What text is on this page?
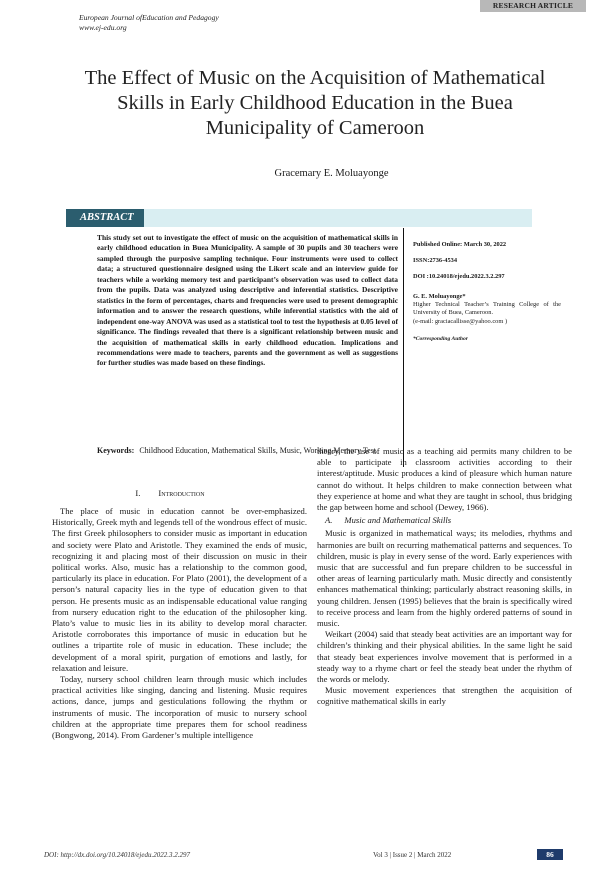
RESEARCH ARTICLE
European Journal ofEducation and Pedagogy
www.ej-edu.org
The Effect of Music on the Acquisition of Mathematical Skills in Early Childhood Education in the Buea Municipality of Cameroon
Gracemary E. Moluayonge
ABSTRACT
This study set out to investigate the effect of music on the acquisition of mathematical skills in early childhood education in Buea Municipality. A sample of 30 pupils and 30 teachers were sampled through the purposive sampling technique. Four instruments were used to collect data; a structured questionnaire designed using the Likert scale and an interview guide for teachers while a working memory test and participant’s observation was used to collect data from the pupils. Data was analyzed using descriptive and inferential statistics. Descriptive statistics in the form of percentages, charts and frequencies were used to present demographic information and to answer the research questions, while inferential statistics with the aid of independent one-way ANOVA was used as a statistical tool to test the hypothesis at 0.05 level of significance. The findings revealed that there is a significant relationship between music and the acquisition of mathematical skills in early childhood education. Implications and recommendations were made to teachers, parents and the government as well as suggestions for further studies was made based on these findings.

Published Online: March 30, 2022

ISSN:2736-4534

DOI :10.24018/ejedu.2022.3.2.297

G. E. Moluayonge*
Higher Technical Teacher’s Training College of the University of Buea, Cameroon.
(e-mail: graciacallisse@yahoo.com )
*Corresponding Author
Keywords: Childhood Education, Mathematical Skills, Music, Working Memory Test
I. Introduction

The place of music in education cannot be over-emphasized. Historically, Greek myth and legends tell of the wondrous effect of music. The first Greek philosophers to consider music as important in education and society were Plato and Aristotle. They examined the ends of music, recognizing it and placing most of their discussion on music in their political works. Also, music has a relationship to the common good, particularly its place in education. For Plato (2001), the development of a person’s natural capacity lies in the type of education given to that person. He presents music as an indispensable educational value ranging from nursery education right to the education of the philosopher king. Plato’s value to music lies in its ability to develop moral character. Aristotle corroborates this importance of music in education but he outlines a tripartite role of music in education. These include; the development of a moral spirit, purgation of emotions and lastly, for relaxation and leisure.

Today, nursery school children learn through music which includes practical activities like singing, dancing and listening. Music requires actions, dance, jumps and gesticulations following the rhythm or instruments of music. The incorporation of music to nursery school children at the appropriate time prepares them for school readiness (Bongwong, 2014). From Gardener’s multiple intelligence

theory, the use of music as a teaching aid permits many children to be able to participate in classroom activities according to their interest/aptitude. Music produces a kind of pleasure which human nature cannot do without. It helps children to make connection between what they experience at home and what they are taught in school, thus bridging the gap between home and school (Dewey, 1966).

A. Music and Mathematical Skills

Music is organized in mathematical ways; its melodies, rhythms and harmonies are built on recurring mathematical patterns and sequences. To children, music is play in every sense of the word. Early experiences with music that are successful and fun prepare children to be successful in other areas of learning particularly math. Music directly and consistently enhances mathematical thinking; particularly abstract reasoning skills, in young children. Jensen (1995) believes that the brain is specifically wired to receive process and learn from the highly ordered patterns of sound in music.

Weikart (2004) said that steady beat activities are an important way for children’s thinking and their physical abilities. In the same light he said that steady beat experiences involve movement that is performed in a steady way to a rhyme chart or feel the steady beat under the rhythm of the words or melody.

Music movement experiences that strengthen the acquisition of cognitive mathematical skills in early

DOI: http://dx.doi.org/10.24018/ejedu.2022.3.2.297	Vol 3 | Issue 2 | March 2022	86
